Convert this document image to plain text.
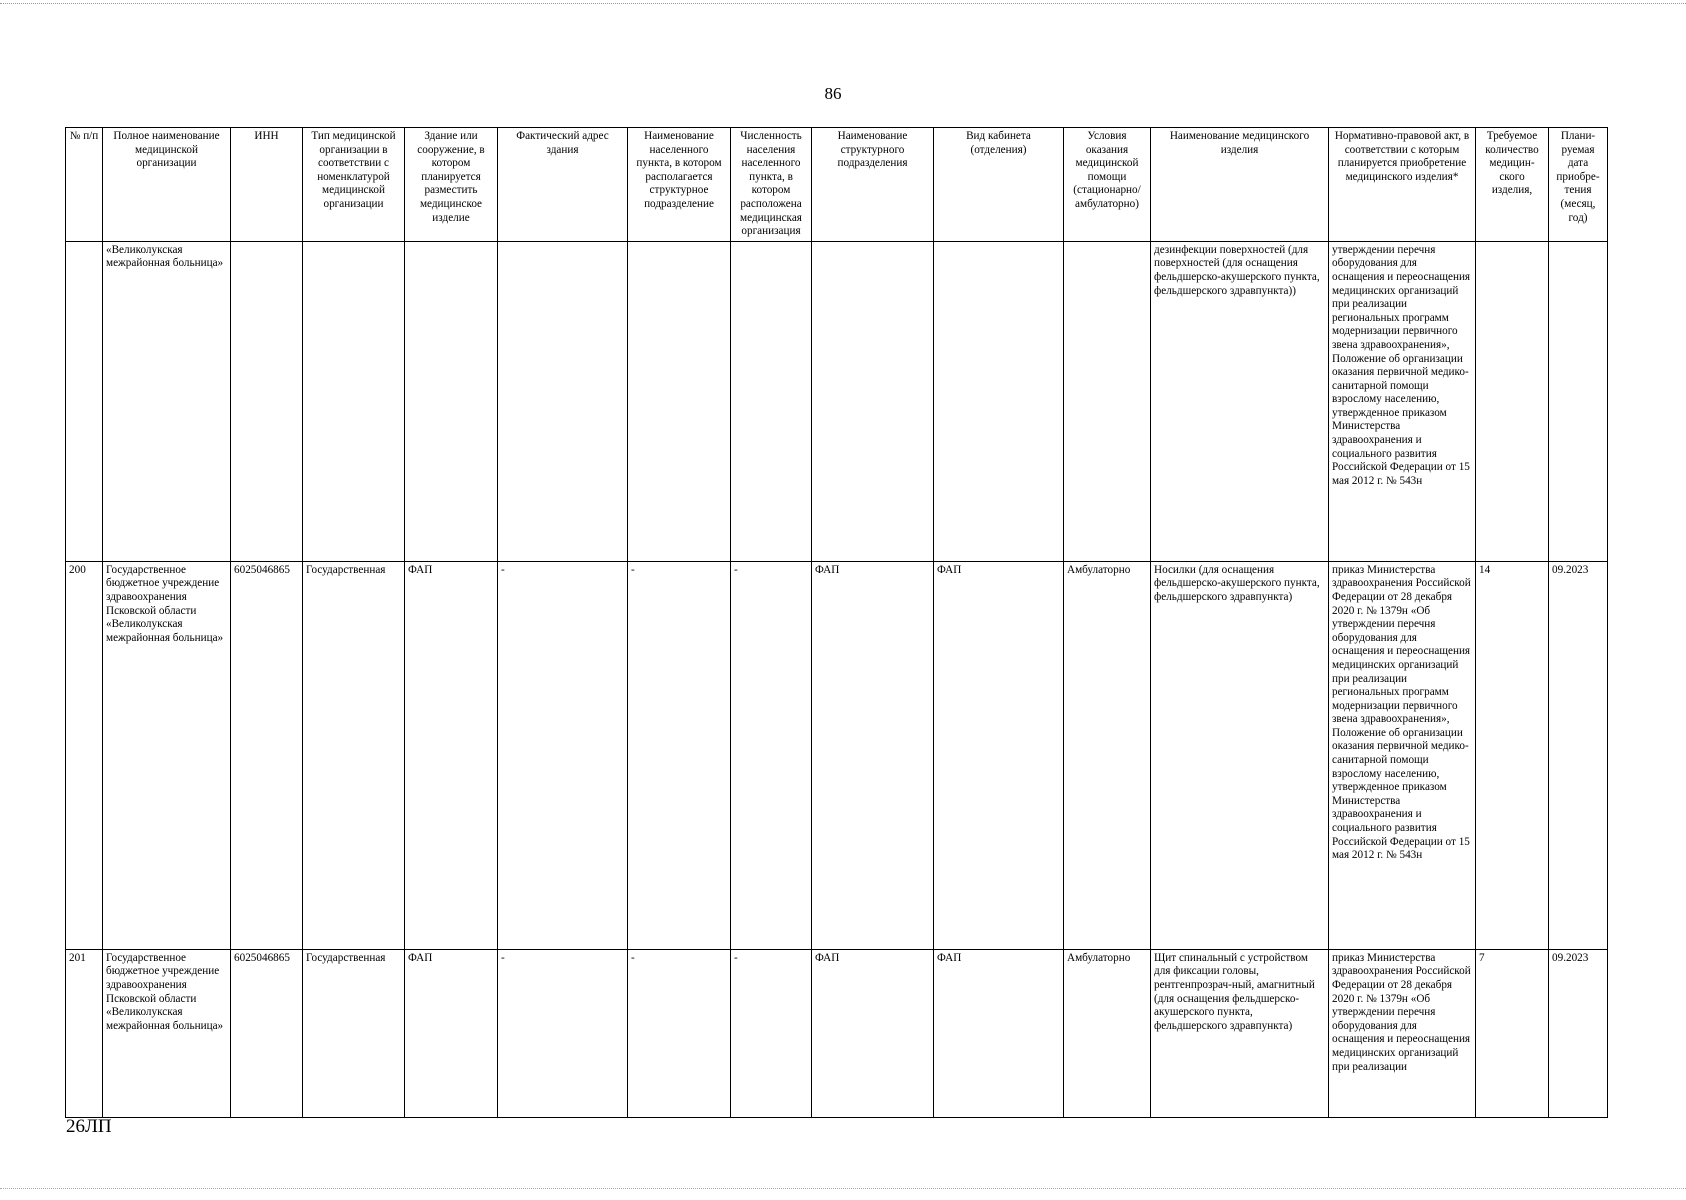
86
№ п/п	Полное наименование медицинской организации	ИНН	Тип медицинской организации в соответствии с номенклатурой медицинской организации	Здание или сооружение, в котором планируется разместить медицинское изделие	Фактический адрес здания	Наименование населенного пункта, в котором располагается структурное подразделение	Численность населения населенного пункта, в котором расположена медицинская организация	Наименование структурного подразделения	Вид кабинета (отделения)	Условия оказания медицинской помощи (стационарно/ амбулаторно)	Наименование медицинского изделия	Нормативно-правовой акт, в соответствии с которым планируется приобретение медицинского изделия*	Требуемое количество медицин-ского изделия,	Плани-руемая дата приобре-тения (месяц, год)
	«Великолукская межрайонная больница»										дезинфекции поверхностей (для поверхностей (для оснащения фельдшерско-акушерского пункта, фельдшерского здравпункта))	утверждении перечня оборудования для оснащения и переоснащения медицинских организаций при реализации региональных программ модернизации первичного звена здравоохранения», Положение об организации оказания первичной медико-санитарной помощи взрослому населению, утвержденное приказом Министерства здравоохранения и социального развития Российской Федерации от 15 мая 2012 г. № 543н		
200	Государственное бюджетное учреждение здравоохранения Псковской области «Великолукская межрайонная больница»	6025046865	Государственная	ФАП	-	-	-	ФАП	ФАП	Амбулаторно	Носилки (для оснащения фельдшерско-акушерского пункта, фельдшерского здравпункта)	приказ Министерства здравоохранения Российской Федерации от 28 декабря 2020 г. № 1379н «Об утверждении перечня оборудования для оснащения и переоснащения медицинских организаций при реализации региональных программ модернизации первичного звена здравоохранения», Положение об организации оказания первичной медико-санитарной помощи взрослому населению, утвержденное приказом Министерства здравоохранения и социального развития Российской Федерации от 15 мая 2012 г. № 543н	14	09.2023
201	Государственное бюджетное учреждение здравоохранения Псковской области «Великолукская межрайонная больница»	6025046865	Государственная	ФАП	-	-	-	ФАП	ФАП	Амбулаторно	Щит спинальный с устройством для фиксации головы, рентгенпрозрач-ный, амагнитный (для оснащения фельдшерско-акушерского пункта, фельдшерского здравпункта)	приказ Министерства здравоохранения Российской Федерации от 28 декабря 2020 г. № 1379н «Об утверждении перечня оборудования для оснащения и переоснащения медицинских организаций при реализации	7	09.2023
26ЛП
